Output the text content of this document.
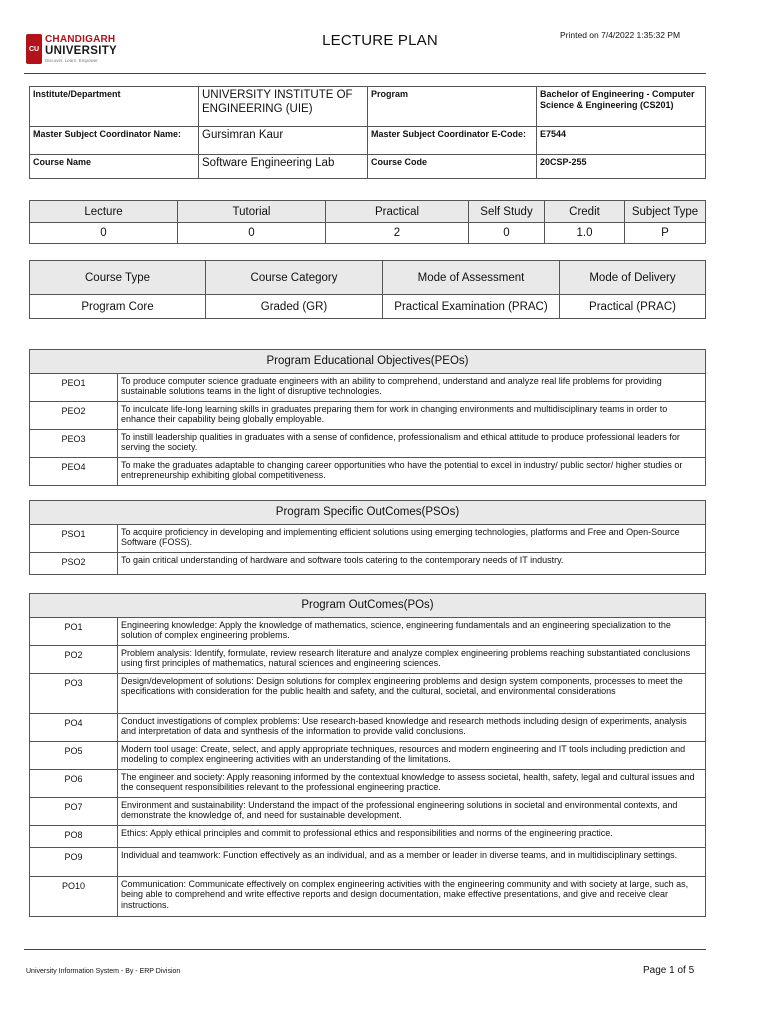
CU
CHANDIGARH
UNIVERSITY
Discover. Learn. Empower.
LECTURE PLAN	Printed on 7/4/2022 1:35:32 PM
Institute/Department	UNIVERSITY INSTITUTE OF ENGINEERING (UIE)	Program	Bachelor of Engineering - Computer Science & Engineering (CS201)
Master Subject Coordinator Name:	Gursimran Kaur	Master Subject Coordinator E-Code:	E7544
Course Name	Software Engineering Lab	Course Code	20CSP-255
Lecture	Tutorial	Practical	Self Study	Credit	Subject Type
0	0	2	0	1.0	P
Course Type	Course Category	Mode of Assessment	Mode of Delivery
Program Core	Graded (GR)	Practical Examination (PRAC)	Practical (PRAC)
Program Educational Objectives(PEOs)	
PEO1	To produce computer science graduate engineers with an ability to comprehend, understand and analyze real life problems for providing sustainable solutions teams in the light of disruptive technologies.
PEO2	To inculcate life-long learning skills in graduates preparing them for work in changing environments and multidisciplinary teams in order to enhance their capability being globally employable.
PEO3	To instill leadership qualities in graduates with a sense of confidence, professionalism and ethical attitude to produce professional leaders for serving the society.
PEO4	To make the graduates adaptable to changing career opportunities who have the potential to excel in industry/ public sector/ higher studies or entrepreneurship exhibiting global competitiveness.
Program Specific OutComes(PSOs)	
PSO1	To acquire proficiency in developing and implementing efficient solutions using emerging technologies, platforms and Free and Open-Source Software (FOSS).
PSO2	To gain critical understanding of hardware and software tools catering to the contemporary needs of IT industry.
Program OutComes(POs)	
PO1	Engineering knowledge: Apply the knowledge of mathematics, science, engineering fundamentals and an engineering specialization to the solution of complex engineering problems.
PO2	Problem analysis: Identify, formulate, review research literature and analyze complex engineering problems reaching substantiated conclusions using first principles of mathematics, natural sciences and engineering sciences.
PO3	Design/development of solutions: Design solutions for complex engineering problems and design system components, processes to meet the specifications with consideration for the public health and safety, and the cultural, societal, and environmental considerations
PO4	Conduct investigations of complex problems: Use research-based knowledge and research methods including design of experiments, analysis and interpretation of data and synthesis of the information to provide valid conclusions.
PO5	Modern tool usage: Create, select, and apply appropriate techniques, resources and modern engineering and IT tools including prediction and modeling to complex engineering activities with an understanding of the limitations.
PO6	The engineer and society: Apply reasoning informed by the contextual knowledge to assess societal, health, safety, legal and cultural issues and the consequent responsibilities relevant to the professional engineering practice.
PO7	Environment and sustainability: Understand the impact of the professional engineering solutions in societal and environmental contexts, and demonstrate the knowledge of, and need for sustainable development.
PO8	Ethics: Apply ethical principles and commit to professional ethics and responsibilities and norms of the engineering practice.
PO9	Individual and teamwork: Function effectively as an individual, and as a member or leader in diverse teams, and in multidisciplinary settings.
PO10	Communication: Communicate effectively on complex engineering activities with the engineering community and with society at large, such as, being able to comprehend and write effective reports and design documentation, make effective presentations, and give and receive clear instructions.
University Information System - By - ERP Division	Page 1 of 5
